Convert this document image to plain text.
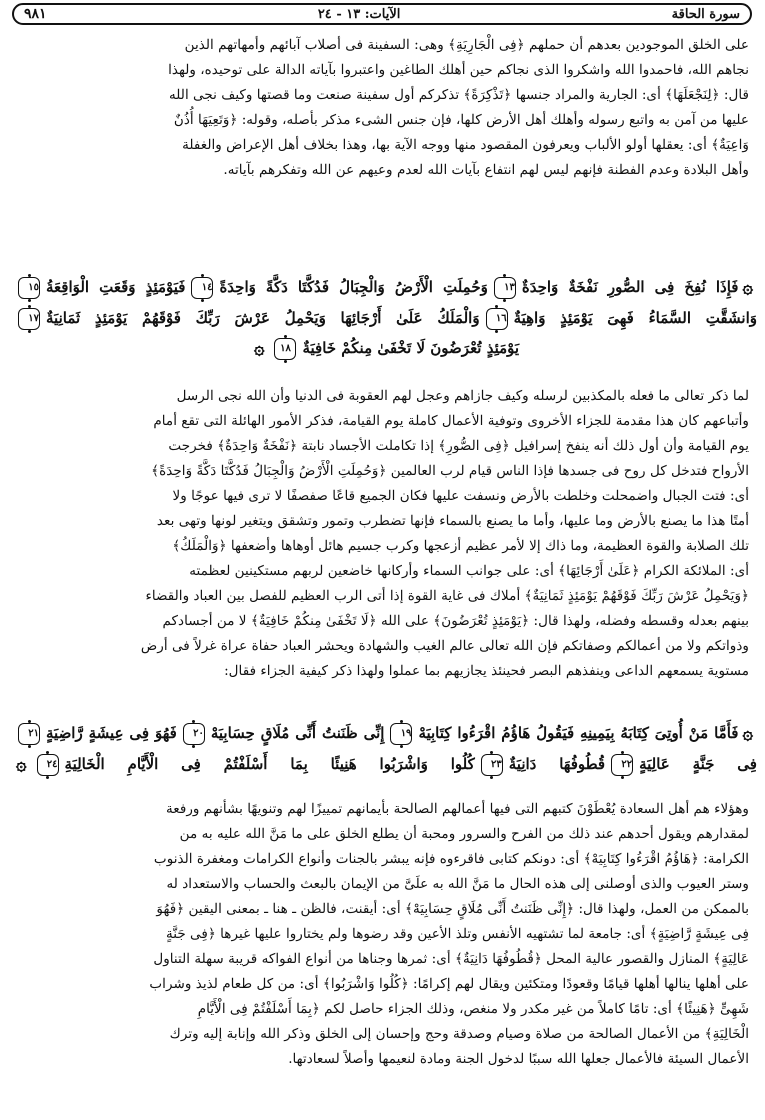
سورة الحاقة
الآيات: ١٣ - ٢٤
٩٨١

على الخلق الموجودين بعدهم أن حملهم ﴿فِى الْجَارِيَةِ﴾ وهى: السفينة فى أصلاب آبائهم وأمهاتهم الذين

نجاهم الله، فاحمدوا الله واشكروا الذى نجاكم حين أهلك الطاغين واعتبروا بآياته الدالة على توحيده، ولهذا

قال: ﴿لِنَجْعَلَهَا﴾ أى: الجارية والمراد جنسها ﴿تَذْكِرَةً﴾ تذكركم أول سفينة صنعت وما قصتها وكيف نجى الله

عليها من آمن به واتبع رسوله وأهلك أهل الأرض كلها، فإن جنس الشىء مذكر بأصله، وقوله: ﴿وَتَعِيَهَا أُذُنٌ

وَاعِيَةٌ﴾ أى: يعقلها أولو الألباب ويعرفون المقصود منها ووجه الآية بها، وهذا بخلاف أهل الإعراض والغفلة

وأهل البلادة وعدم الفطنة فإنهم ليس لهم انتفاع بآيات الله لعدم وعيهم عن الله وتفكرهم بآياته.

۞فَإِذَا نُفِخَ فِى الصُّورِ نَفْخَةٌ وَاحِدَةٌ١٣وَحُمِلَتِ الْأَرْضُ وَالْجِبَالُ فَدُكَّتَا دَكَّةً وَاحِدَةً١٤فَيَوْمَئِذٍ وَقَعَتِ الْوَاقِعَةُ١٥
وَانشَقَّتِ السَّمَاءُ فَهِىَ يَوْمَئِذٍ وَاهِيَةٌ١٦وَالْمَلَكُ عَلَىٰ أَرْجَائِهَا وَيَحْمِلُ عَرْشَ رَبِّكَ فَوْقَهُمْ يَوْمَئِذٍ ثَمَانِيَةٌ١٧
يَوْمَئِذٍ تُعْرَضُونَ لَا تَخْفَىٰ مِنكُمْ خَافِيَةٌ١٨۞

لما ذكر تعالى ما فعله بالمكذبين لرسله وكيف جازاهم وعجل لهم العقوبة فى الدنيا وأن الله نجى الرسل

وأتباعهم كان هذا مقدمة للجزاء الأخروى وتوفية الأعمال كاملة يوم القيامة، فذكر الأمور الهائلة التى تقع أمام

يوم القيامة وأن أول ذلك أنه ينفخ إسرافيل ﴿فِى الصُّورِ﴾ إذا تكاملت الأجساد نابتة ﴿نَفْخَةٌ وَاحِدَةٌ﴾ فخرجت

الأرواح فتدخل كل روح فى جسدها فإذا الناس قيام لرب العالمين ﴿وَحُمِلَتِ الْأَرْضُ وَالْجِبَالُ فَدُكَّتَا دَكَّةً وَاحِدَةً﴾

أى: فتت الجبال واضمحلت وخلطت بالأرض ونسفت عليها فكان الجميع قاعًا صفصفًا لا ترى فيها عوجًا ولا

أمتًا هذا ما يصنع بالأرض وما عليها، وأما ما يصنع بالسماء فإنها تضطرب وتمور وتشقق ويتغير لونها وتهى بعد

تلك الصلابة والقوة العظيمة، وما ذاك إلا لأمر عظيم أزعجها وكرب جسيم هائل أوهاها وأضعفها ﴿وَالْمَلَكُ﴾

أى: الملائكة الكرام ﴿عَلَىٰ أَرْجَائِهَا﴾ أى: على جوانب السماء وأركانها خاضعين لربهم مستكينين لعظمته

﴿وَيَحْمِلُ عَرْشَ رَبِّكَ فَوْقَهُمْ يَوْمَئِذٍ ثَمَانِيَةٌ﴾ أملاك فى غاية القوة إذا أتى الرب العظيم للفصل بين العباد والقضاء

بينهم بعدله وقسطه وفضله، ولهذا قال: ﴿يَوْمَئِذٍ تُعْرَضُونَ﴾ على الله ﴿لَا تَخْفَىٰ مِنكُمْ خَافِيَةٌ﴾ لا من أجسادكم

وذواتكم ولا من أعمالكم وصفاتكم فإن الله تعالى عالم الغيب والشهادة ويحشر العباد حفاة عراة غرلاً فى أرض

مستوية يسمعهم الداعى وينفذهم البصر فحينئذ يجازيهم بما عملوا ولهذا ذكر كيفية الجزاء فقال:

۞فَأَمَّا مَنْ أُوتِىَ كِتَابَهُ بِيَمِينِهِ فَيَقُولُ هَاؤُمُ اقْرَءُوا كِتَابِيَهْ١٩إِنِّى ظَنَنتُ أَنِّى مُلَاقٍ حِسَابِيَهْ٢٠فَهُوَ فِى عِيشَةٍ رَّاضِيَةٍ٢١
فِى جَنَّةٍ عَالِيَةٍ٢٢قُطُوفُهَا دَانِيَةٌ٢٣كُلُوا وَاشْرَبُوا هَنِيئًا بِمَا أَسْلَفْتُمْ فِى الْأَيَّامِ الْخَالِيَةِ٢٤۞

وهؤلاء هم أهل السعادة يُعْطَوْنَ كتبهم التى فيها أعمالهم الصالحة بأيمانهم تمييزًا لهم وتنويهًا بشأنهم ورفعة

لمقدارهم ويقول أحدهم عند ذلك من الفرح والسرور ومحبة أن يطلع الخلق على ما مَنَّ الله عليه به من

الكرامة: ﴿هَاؤُمُ اقْرَءُوا كِتَابِيَهْ﴾ أى: دونكم كتابى فاقرءوه فإنه يبشر بالجنات وأنواع الكرامات ومغفرة الذنوب

وستر العيوب والذى أوصلنى إلى هذه الحال ما مَنَّ الله به علَىَّ من الإيمان بالبعث والحساب والاستعداد له

بالممكن من العمل، ولهذا قال: ﴿إِنِّى ظَنَنتُ أَنِّى مُلَاقٍ حِسَابِيَهْ﴾ أى: أيقنت، فالظن ـ هنا ـ بمعنى اليقين ﴿فَهُوَ

فِى عِيشَةٍ رَّاضِيَةٍ﴾ أى: جامعة لما تشتهيه الأنفس وتلذ الأعين وقد رضوها ولم يختاروا عليها غيرها ﴿فِى جَنَّةٍ

عَالِيَةٍ﴾ المنازل والقصور عالية المحل ﴿قُطُوفُهَا دَانِيَةٌ﴾ أى: ثمرها وجناها من أنواع الفواكه قريبة سهلة التناول

على أهلها ينالها أهلها قيامًا وقعودًا ومتكئين ويقال لهم إكرامًا: ﴿كُلُوا وَاشْرَبُوا﴾ أى: من كل طعام لذيذ وشراب

شَهِىٍّ ﴿هَنِيئًا﴾ أى: تامًا كاملاً من غير مكدر ولا منغص، وذلك الجزاء حاصل لكم ﴿بِمَا أَسْلَفْتُمْ فِى الْأَيَّامِ

الْخَالِيَةِ﴾ من الأعمال الصالحة من صلاة وصيام وصدقة وحج وإحسان إلى الخلق وذكر الله وإنابة إليه وترك

الأعمال السيئة فالأعمال جعلها الله سببًا لدخول الجنة ومادة لنعيمها وأصلاً لسعادتها.
